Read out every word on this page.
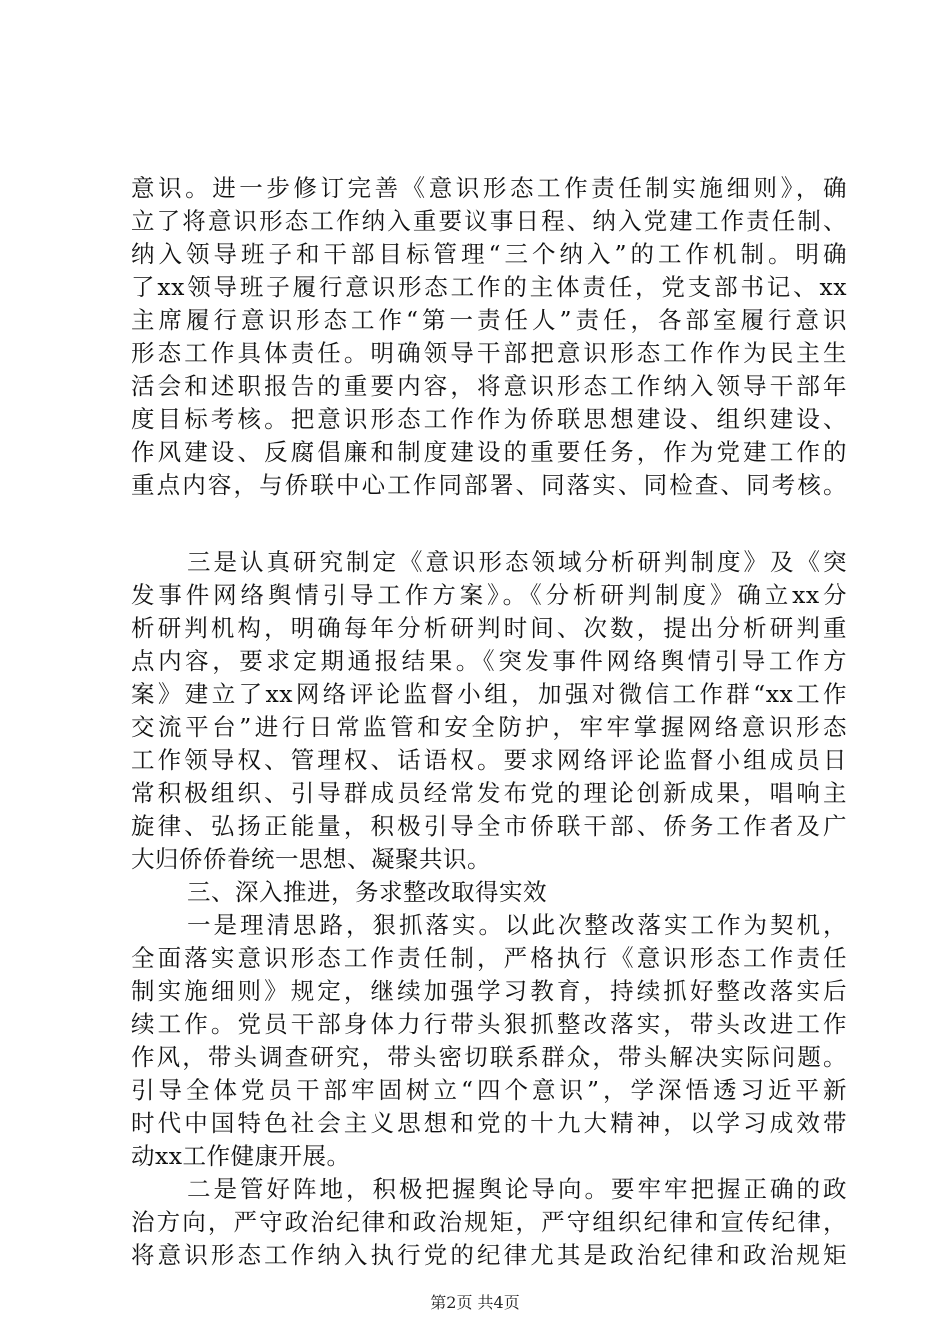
意识。进一步修订完善《意识形态工作责任制实施细则》，确
立了将意识形态工作纳入重要议事日程、纳入党建工作责任制、
纳入领导班子和干部目标管理“三个纳入”的工作机制。明确
了xx领导班子履行意识形态工作的主体责任，党支部书记、xx
主席履行意识形态工作“第一责任人”责任，各部室履行意识
形态工作具体责任。明确领导干部把意识形态工作作为民主生
活会和述职报告的重要内容，将意识形态工作纳入领导干部年
度目标考核。把意识形态工作作为侨联思想建设、组织建设、
作风建设、反腐倡廉和制度建设的重要任务，作为党建工作的
重点内容，与侨联中心工作同部署、同落实、同检查、同考核。
三是认真研究制定《意识形态领域分析研判制度》及《突
发事件网络舆情引导工作方案》。《分析研判制度》确立xx分
析研判机构，明确每年分析研判时间、次数，提出分析研判重
点内容，要求定期通报结果。《突发事件网络舆情引导工作方
案》建立了xx网络评论监督小组，加强对微信工作群“xx工作
交流平台”进行日常监管和安全防护，牢牢掌握网络意识形态
工作领导权、管理权、话语权。要求网络评论监督小组成员日
常积极组织、引导群成员经常发布党的理论创新成果，唱响主
旋律、弘扬正能量，积极引导全市侨联干部、侨务工作者及广
大归侨侨眷统一思想、凝聚共识。
三、深入推进，务求整改取得实效
一是理清思路，狠抓落实。以此次整改落实工作为契机，
全面落实意识形态工作责任制，严格执行《意识形态工作责任
制实施细则》规定，继续加强学习教育，持续抓好整改落实后
续工作。党员干部身体力行带头狠抓整改落实，带头改进工作
作风，带头调查研究，带头密切联系群众，带头解决实际问题。
引导全体党员干部牢固树立“四个意识”，学深悟透习近平新
时代中国特色社会主义思想和党的十九大精神，以学习成效带
动xx工作健康开展。
二是管好阵地，积极把握舆论导向。要牢牢把握正确的政
治方向，严守政治纪律和政治规矩，严守组织纪律和宣传纪律，
将意识形态工作纳入执行党的纪律尤其是政治纪律和政治规矩
第2页 共4页
